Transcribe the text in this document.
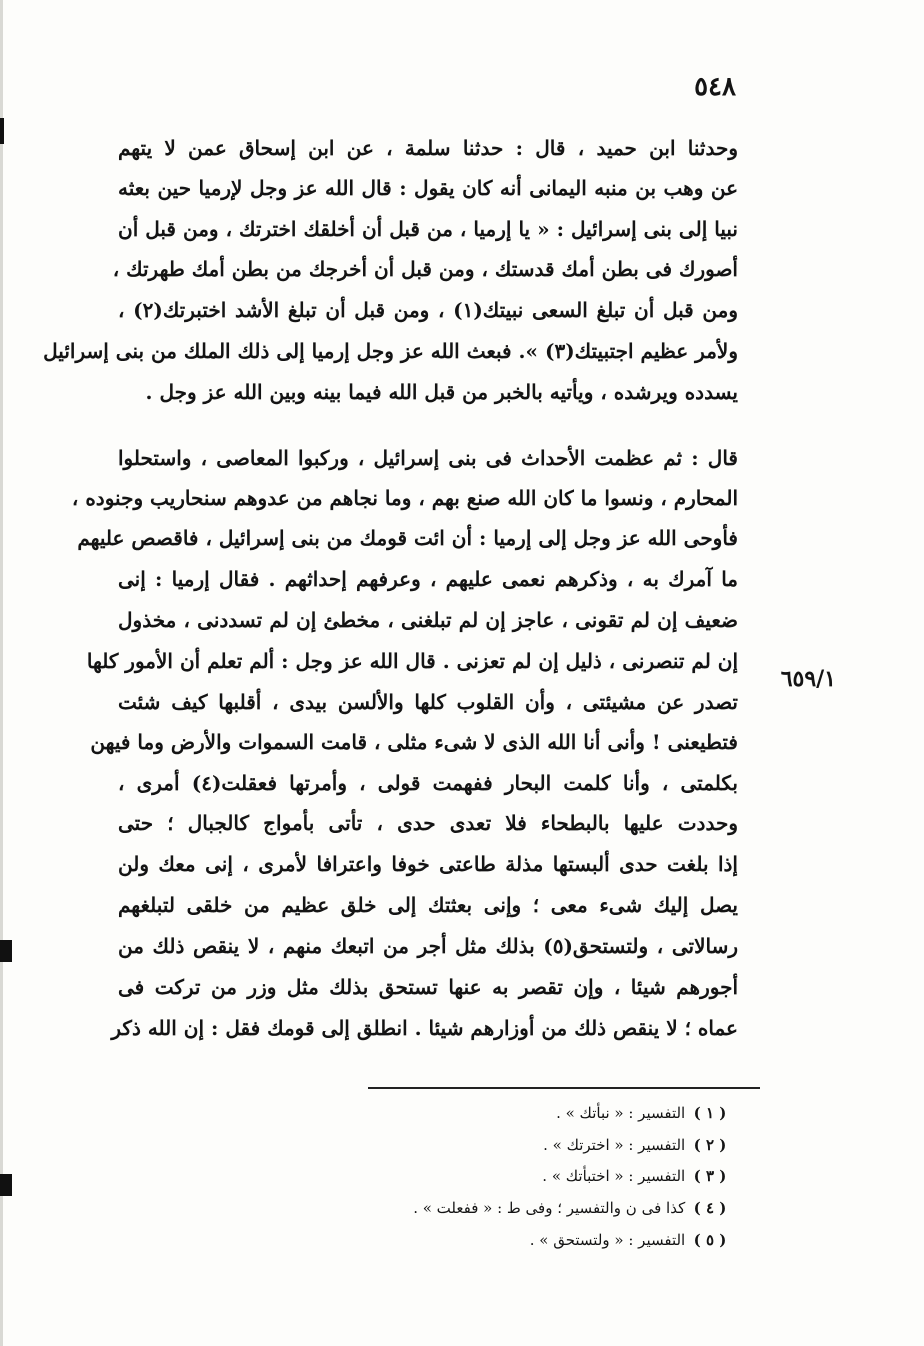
٥٤٨
٦٥٩/١
وحدثنا ابن حميد ، قال : حدثنا سلمة ، عن ابن إسحاق عمن لا يتهم
عن وهب بن منبه اليمانى أنه كان يقول : قال الله عز وجل لإرميا حين بعثه
نبيا إلى بنى إسرائيل : « يا إرميا ، من قبل أن أخلقك اخترتك ، ومن قبل أن
أصورك فى بطن أمك قدستك ، ومن قبل أن أخرجك من بطن أمك طهرتك ،
ومن قبل أن تبلغ السعى نبيتك(١) ، ومن قبل أن تبلغ الأشد اختبرتك(٢) ،
ولأمر عظيم اجتبيتك(٣) ». فبعث الله عز وجل إرميا إلى ذلك الملك من بنى إسرائيل
يسدده ويرشده ، ويأتيه بالخبر من قبل الله فيما بينه وبين الله عز وجل .
قال : ثم عظمت الأحداث فى بنى إسرائيل ، وركبوا المعاصى ، واستحلوا
المحارم ، ونسوا ما كان الله صنع بهم ، وما نجاهم من عدوهم سنحاريب وجنوده ،
فأوحى الله عز وجل إلى إرميا : أن ائت قومك من بنى إسرائيل ، فاقصص عليهم
ما آمرك به ، وذكرهم نعمى عليهم ، وعرفهم إحداثهم . فقال إرميا : إنى
ضعيف إن لم تقونى ، عاجز إن لم تبلغنى ، مخطئ إن لم تسددنى ، مخذول
إن لم تنصرنى ، ذليل إن لم تعزنى . قال الله عز وجل : ألم تعلم أن الأمور كلها
تصدر عن مشيئتى ، وأن القلوب كلها والألسن بيدى ، أقلبها كيف شئت
فتطيعنى ! وأنى أنا الله الذى لا شىء مثلى ، قامت السموات والأرض وما فيهن
بكلمتى ، وأنا كلمت البحار ففهمت قولى ، وأمرتها فعقلت(٤) أمرى ،
وحددت عليها بالبطحاء فلا تعدى حدى ، تأتى بأمواج كالجبال ؛ حتى
إذا بلغت حدى ألبستها مذلة طاعتى خوفا واعترافا لأمرى ، إنى معك ولن
يصل إليك شىء معى ؛ وإنى بعثتك إلى خلق عظيم من خلقى لتبلغهم
رسالاتى ، ولتستحق(٥) بذلك مثل أجر من اتبعك منهم ، لا ينقص ذلك من
أجورهم شيئا ، وإن تقصر به عنها تستحق بذلك مثل وزر من تركت فى
عماه ؛ لا ينقص ذلك من أوزارهم شيئا . انطلق إلى قومك فقل : إن الله ذكر
( ١ ) التفسير : « نبأتك » .
( ٢ ) التفسير : « اخترتك » .
( ٣ ) التفسير : « اختبأتك » .
( ٤ ) كذا فى ن والتفسير ؛ وفى ط : « ففعلت » .
( ٥ ) التفسير : « ولتستحق » .
